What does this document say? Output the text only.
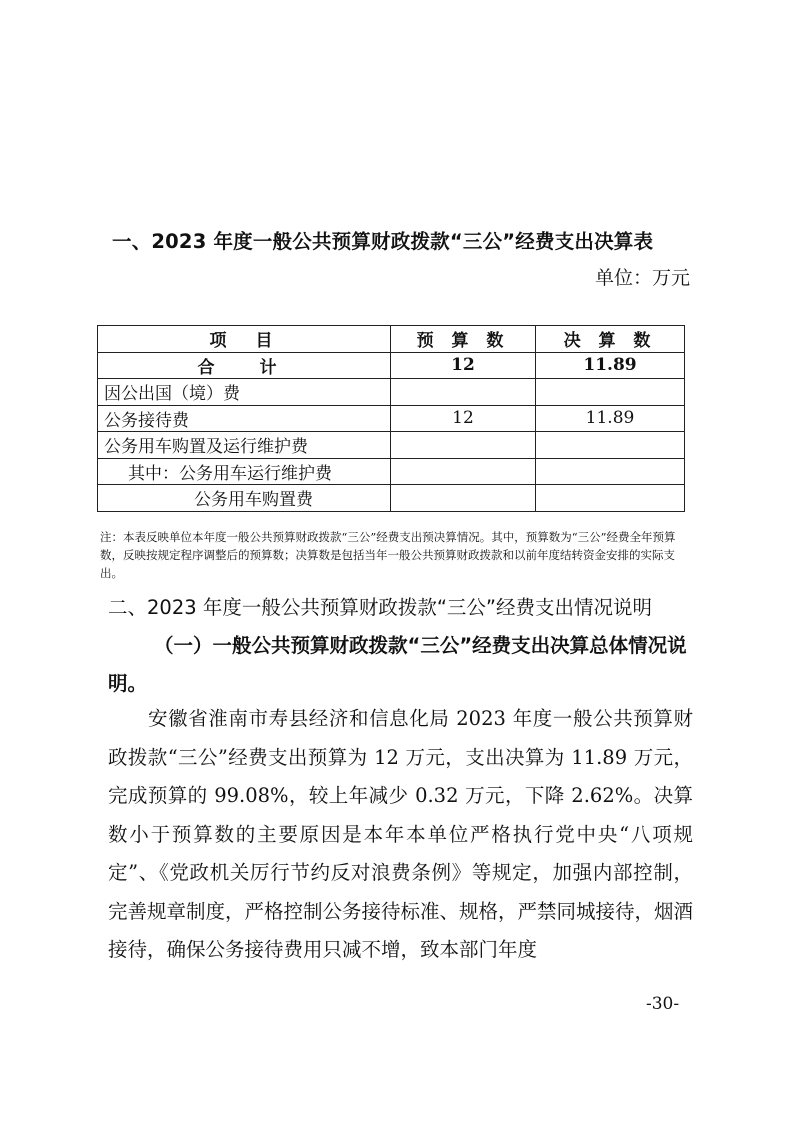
一、2023 年度一般公共预算财政拨款“三公”经费支出决算表
单位：万元
项　目	预 算 数	决 算 数
合　计	12	11.89
因公出国（境）费		
公务接待费	12	11.89
公务用车购置及运行维护费		
其中：公务用车运行维护费		
公务用车购置费		
注：本表反映单位本年度一般公共预算财政拨款“三公”经费支出预决算情况。其中，预算数为“三公”经费全年预算数，反映按规定程序调整后的预算数；决算数是包括当年一般公共预算财政拨款和以前年度结转资金安排的实际支出。
二、2023 年度一般公共预算财政拨款“三公”经费支出情况说明
（一）一般公共预算财政拨款“三公”经费支出决算总体情况说明。
安徽省淮南市寿县经济和信息化局 2023 年度一般公共预算财政拨款“三公”经费支出预算为 12 万元，支出决算为 11.89 万元，完成预算的 99.08%，较上年减少 0.32 万元，下降 2.62%。决算数小于预算数的主要原因是本年本单位严格执行党中央“八项规定”、《党政机关厉行节约反对浪费条例》等规定，加强内部控制，完善规章制度，严格控制公务接待标准、规格，严禁同城接待，烟酒接待，确保公务接待费用只减不增，致本部门年度
-30-
